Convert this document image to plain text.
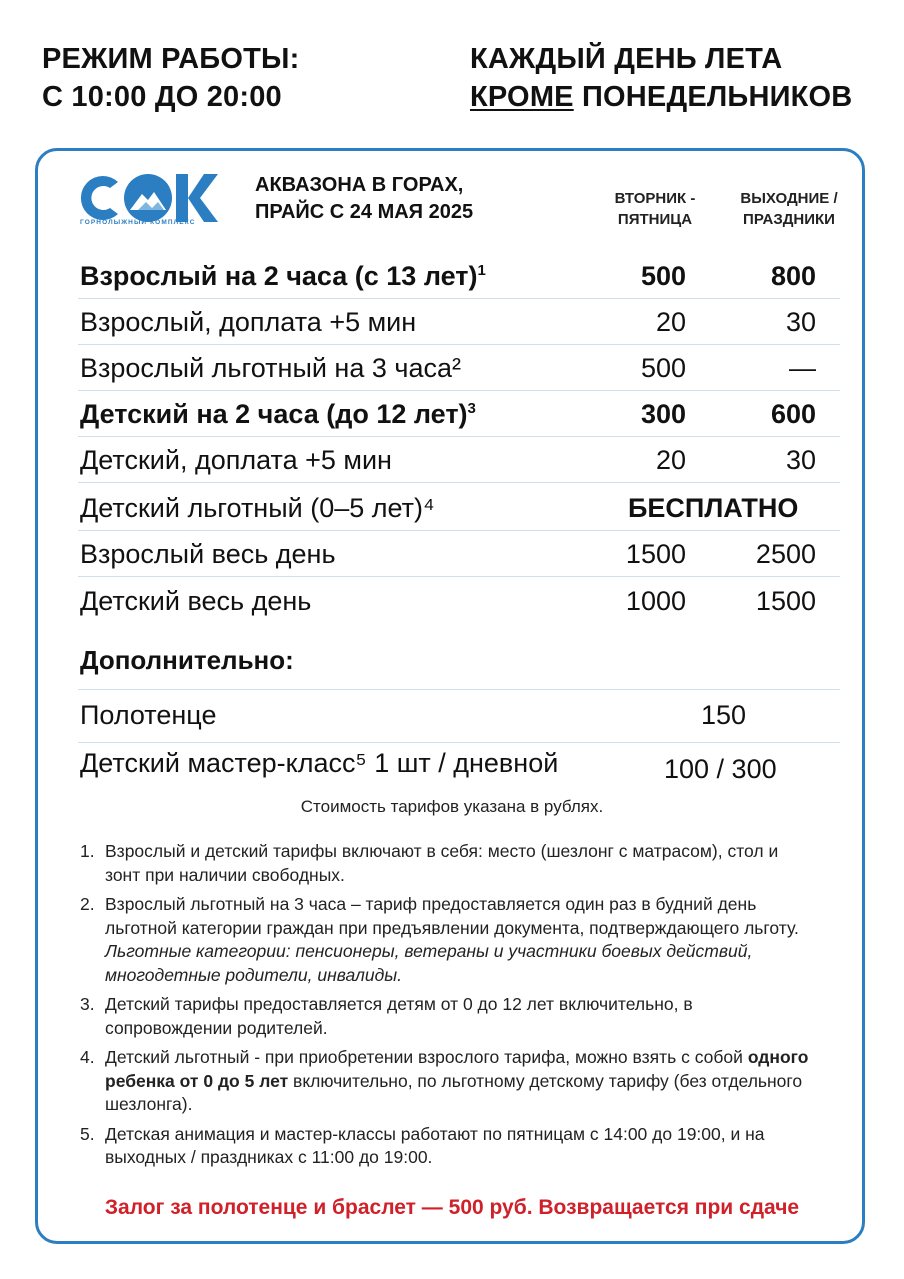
РЕЖИМ РАБОТЫ:
С 10:00 ДО 20:00
КАЖДЫЙ ДЕНЬ ЛЕТА
КРОМЕ ПОНЕДЕЛЬНИКОВ
ГОРНОЛЫЖНЫЙ КОМПЛЕКС
АКВАЗОНА В ГОРАХ,
ПРАЙС С 24 МАЯ 2025
ВТОРНИК -
ПЯТНИЦА
ВЫХОДНИЕ /
ПРАЗДНИКИ
Взрослый на 2 часа (с 13 лет)$^1$	500	800
Взрослый, доплата +5 мин	20	30
Взрослый льготный на 3 часа²	500	—
Детский на 2 часа (до 12 лет)$^3$	300	600
Детский, доплата +5 мин	20	30
Детский льготный (0–5 лет)⁴	БЕСПЛАТНО
Взрослый весь день	1500	2500
Детский весь день	1000	1500
Дополнительно:
Полотенце	150
Детский мастер-класс⁵ 1 шт / дневной	100 / 300
Стоимость тарифов указана в рублях.
1. Взрослый и детский тарифы включают в себя: место (шезлонг с матрасом), стол и зонт при наличии свободных.
2. Взрослый льготный на 3 часа – тариф предоставляется один раз в будний день льготной категории граждан при предъявлении документа, подтверждающего льготу. Льготные категории: пенсионеры, ветераны и участники боевых действий, многодетные родители, инвалиды.
3. Детский тарифы предоставляется детям от 0 до 12 лет включительно, в сопровождении родителей.
4. Детский льготный - при приобретении взрослого тарифа, можно взять с собой одного ребенка от 0 до 5 лет включительно, по льготному детскому тарифу (без отдельного шезлонга).
5. Детская анимация и мастер-классы работают по пятницам с 14:00 до 19:00, и на выходных / праздниках с 11:00 до 19:00.
Залог за полотенце и браслет — 500 руб. Возвращается при сдаче
